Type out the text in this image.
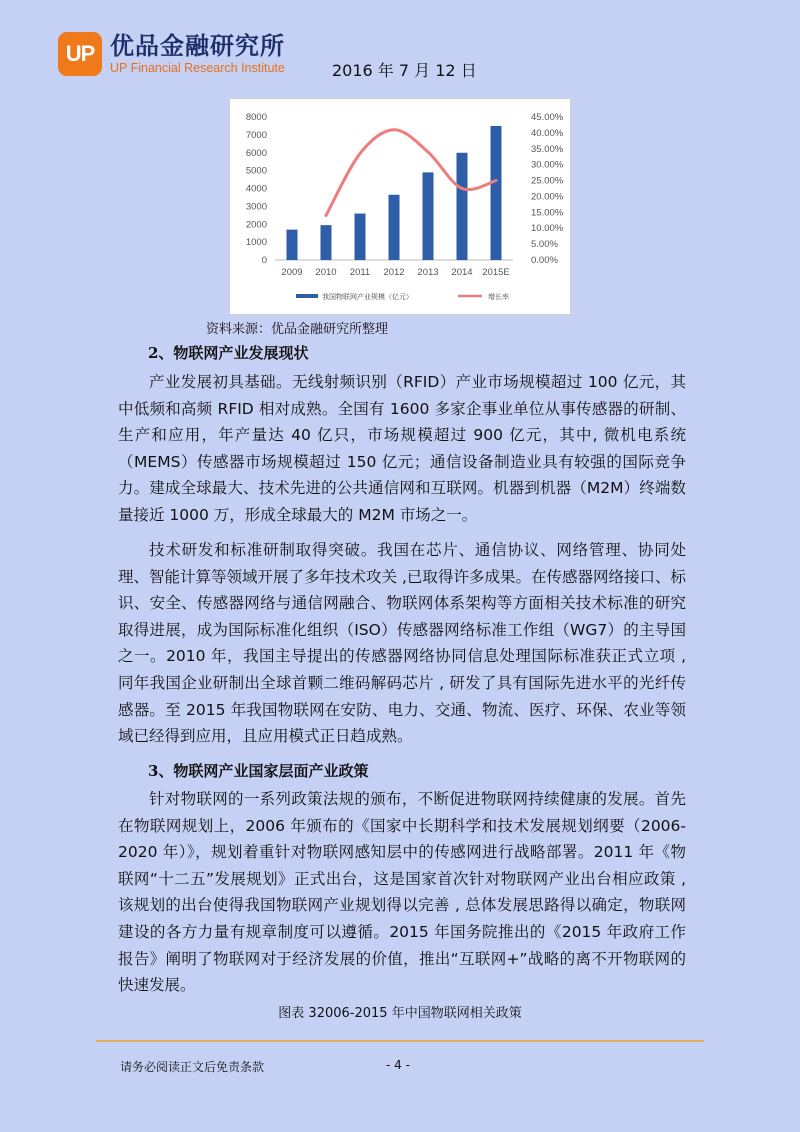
UP 优品金融研究所
UP Financial Research Institute	2016 年 7 月 12 日
0
1000
2000
3000
4000
5000
6000
7000
8000
0.00%
5.00%
10.00%
15.00%
20.00%
25.00%
30.00%
35.00%
40.00%
45.00%
2009 2010 2011 2012 2013 2014 2015E
我国物联网产业规模（亿元）	增长率
资料来源：优品金融研究所整理
2、物联网产业发展现状

产业发展初具基础。无线射频识别（RFID）产业市场规模超过 100 亿元，其中低频和高频 RFID 相对成熟。全国有 1600 多家企事业单位从事传感器的研制、生产和应用，年产量达 40 亿只，市场规模超过 900 亿元，其中, 微机电系统（MEMS）传感器市场规模超过 150 亿元；通信设备制造业具有较强的国际竞争力。建成全球最大、技术先进的公共通信网和互联网。机器到机器（M2M）终端数量接近 1000 万，形成全球最大的 M2M 市场之一。

技术研发和标准研制取得突破。我国在芯片、通信协议、网络管理、协同处理、智能计算等领域开展了多年技术攻关 ,已取得许多成果。在传感器网络接口、标识、安全、传感器网络与通信网融合、物联网体系架构等方面相关技术标准的研究取得进展，成为国际标准化组织（ISO）传感器网络标准工作组（WG7）的主导国之一。2010 年，我国主导提出的传感器网络协同信息处理国际标准获正式立项 , 同年我国企业研制出全球首颗二维码解码芯片 , 研发了具有国际先进水平的光纤传感器。至 2015 年我国物联网在安防、电力、交通、物流、医疗、环保、农业等领域已经得到应用，且应用模式正日趋成熟。

3、物联网产业国家层面产业政策

针对物联网的一系列政策法规的颁布，不断促进物联网持续健康的发展。首先在物联网规划上，2006 年颁布的《国家中长期科学和技术发展规划纲要（2006-2020 年）》，规划着重针对物联网感知层中的传感网进行战略部署。2011 年《物联网“十二五”发展规划》正式出台，这是国家首次针对物联网产业出台相应政策 , 该规划的出台使得我国物联网产业规划得以完善 , 总体发展思路得以确定，物联网建设的各方力量有规章制度可以遵循。2015 年国务院推出的《2015 年政府工作报告》阐明了物联网对于经济发展的价值，推出“互联网+”战略的离不开物联网的快速发展。

图表 32006-2015 年中国物联网相关政策
请务必阅读正文后免责条款	- 4 -
